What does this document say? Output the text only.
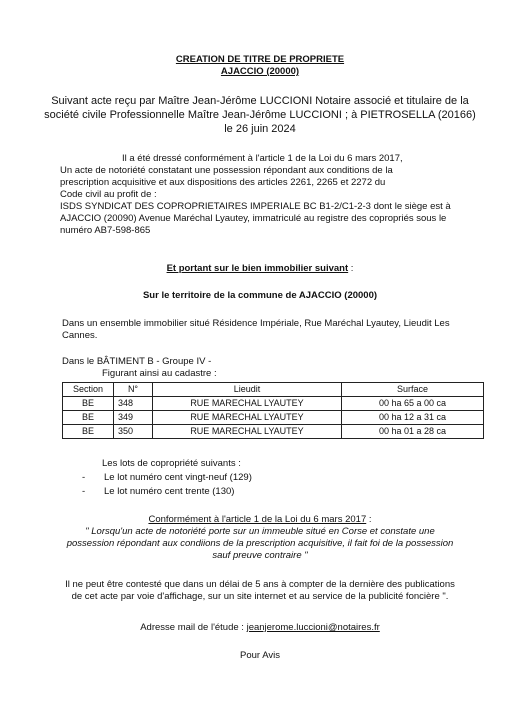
CREATION DE TITRE DE PROPRIETE
AJACCIO (20000)
Suivant acte reçu par Maître Jean-Jérôme LUCCIONI Notaire associé et titulaire de la
société civile Professionnelle Maître Jean-Jérôme LUCCIONI ; à PIETROSELLA (20166)
le 26 juin 2024
Il a été dressé conformément à l'article 1 de la Loi du 6 mars 2017,
Un acte de notoriété constatant une possession répondant aux conditions de la
prescription acquisitive et aux dispositions des articles 2261, 2265 et 2272 du
Code civil au profit de :
ISDS SYNDICAT DES COPROPRIETAIRES IMPERIALE BC B1-2/C1-2-3 dont le siège est à
AJACCIO (20090) Avenue Maréchal Lyautey, immatriculé au registre des copropriés sous le
numéro AB7-598-865
Et portant sur le bien immobilier suivant :
Sur le territoire de la commune de AJACCIO (20000)
Dans un ensemble immobilier situé Résidence Impériale, Rue Maréchal Lyautey, Lieudit Les
Cannes.
Dans le BÂTIMENT B - Groupe IV -
Figurant ainsi au cadastre :
Section	N°	Lieudit	Surface
BE	348	RUE MARECHAL LYAUTEY	00 ha 65 a 00 ca
BE	349	RUE MARECHAL LYAUTEY	00 ha 12 a 31 ca
BE	350	RUE MARECHAL LYAUTEY	00 ha 01 a 28 ca
Les lots de copropriété suivants :
- Le lot numéro cent vingt-neuf (129)
- Le lot numéro cent trente (130)
Conformément à l'article 1 de la Loi du 6 mars 2017 :
" Lorsqu'un acte de notoriété porte sur un immeuble situé en Corse et constate une
possession répondant aux condiions de la prescription acquisitive, il fait foi de la possession
sauf preuve contraire "
Il ne peut être contesté que dans un délai de 5 ans à compter de la dernière des publications
de cet acte par voie d'affichage, sur un site internet et au service de la publicité foncière ".
Adresse mail de l'étude : jeanjerome.luccioni@notaires.fr
Pour Avis
